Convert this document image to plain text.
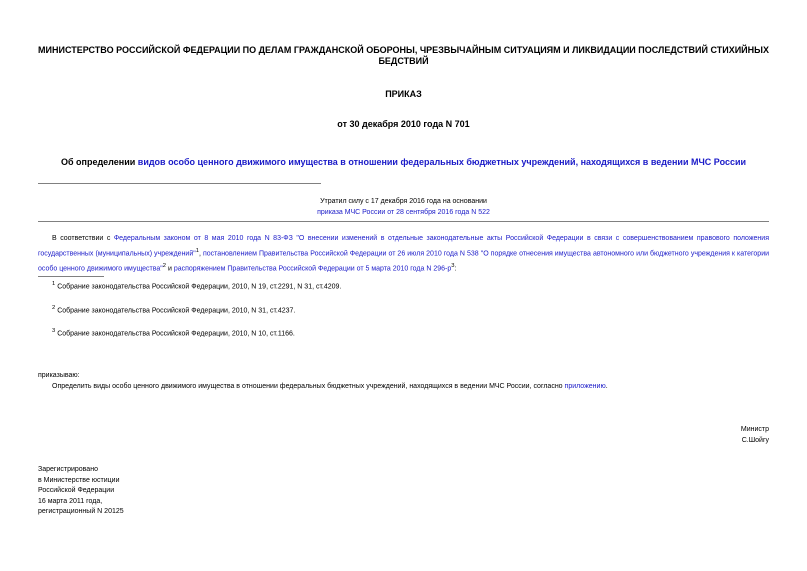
МИНИСТЕРСТВО РОССИЙСКОЙ ФЕДЕРАЦИИ ПО ДЕЛАМ ГРАЖДАНСКОЙ ОБОРОНЫ, ЧРЕЗВЫЧАЙНЫМ СИТУАЦИЯМ И ЛИКВИДАЦИИ ПОСЛЕДСТВИЙ СТИХИЙНЫХ БЕДСТВИЙ
ПРИКАЗ
от 30 декабря 2010 года N 701
Об определении видов особо ценного движимого имущества в отношении федеральных бюджетных учреждений, находящихся в ведении МЧС России
Утратил силу с 17 декабря 2016 года на основании
приказа МЧС России от 28 сентября 2016 года N 522
В соответствии с Федеральным законом от 8 мая 2010 года N 83-ФЗ "О внесении изменений в отдельные законодательные акты Российской Федерации в связи с совершенствованием правового положения государственных (муниципальных) учреждений"$^1$, постановлением Правительства Российской Федерации от 26 июля 2010 года N 538 "О порядке отнесения имущества автономного или бюджетного учреждения к категории особо ценного движимого имущества"$^2$ и распоряжением Правительства Российской Федерации от 5 марта 2010 года N $296-р^3$:
$^1$ Собрание законодательства Российской Федерации, 2010, N 19, ст.2291, N 31, ст.4209.
$^2$ Собрание законодательства Российской Федерации, 2010, N 31, ст.4237.
$^3$ Собрание законодательства Российской Федерации, 2010, N 10, ст.1166.
приказываю:
Определить виды особо ценного движимого имущества в отношении федеральных бюджетных учреждений, находящихся в ведении МЧС России, согласно приложению.
Министр
С.Шойгу
Зарегистрировано
в Министерстве юстиции
Российской Федерации
16 марта 2011 года,
регистрационный N 20125
